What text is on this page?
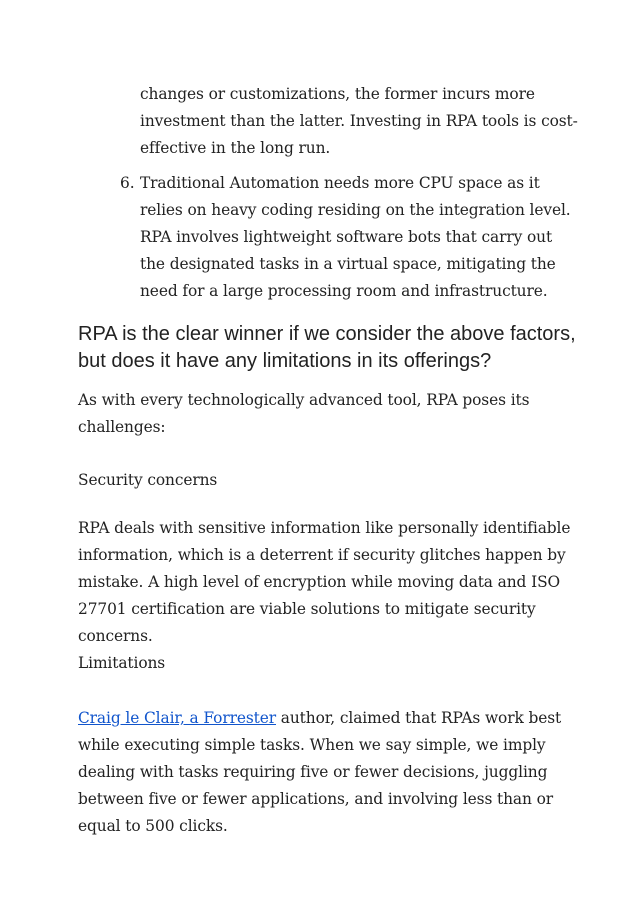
changes or customizations, the former incurs more investment than the latter. Investing in RPA tools is cost-effective in the long run.
6. Traditional Automation needs more CPU space as it relies on heavy coding residing on the integration level. RPA involves lightweight software bots that carry out the designated tasks in a virtual space, mitigating the need for a large processing room and infrastructure.
RPA is the clear winner if we consider the above factors, but does it have any limitations in its offerings?

As with every technologically advanced tool, RPA poses its challenges:

Security concerns

RPA deals with sensitive information like personally identifiable information, which is a deterrent if security glitches happen by mistake. A high level of encryption while moving data and ISO 27701 certification are viable solutions to mitigate security concerns.

Limitations

Craig le Clair, a Forrester author, claimed that RPAs work best while executing simple tasks. When we say simple, we imply dealing with tasks requiring five or fewer decisions, juggling between five or fewer applications, and involving less than or equal to 500 clicks.
